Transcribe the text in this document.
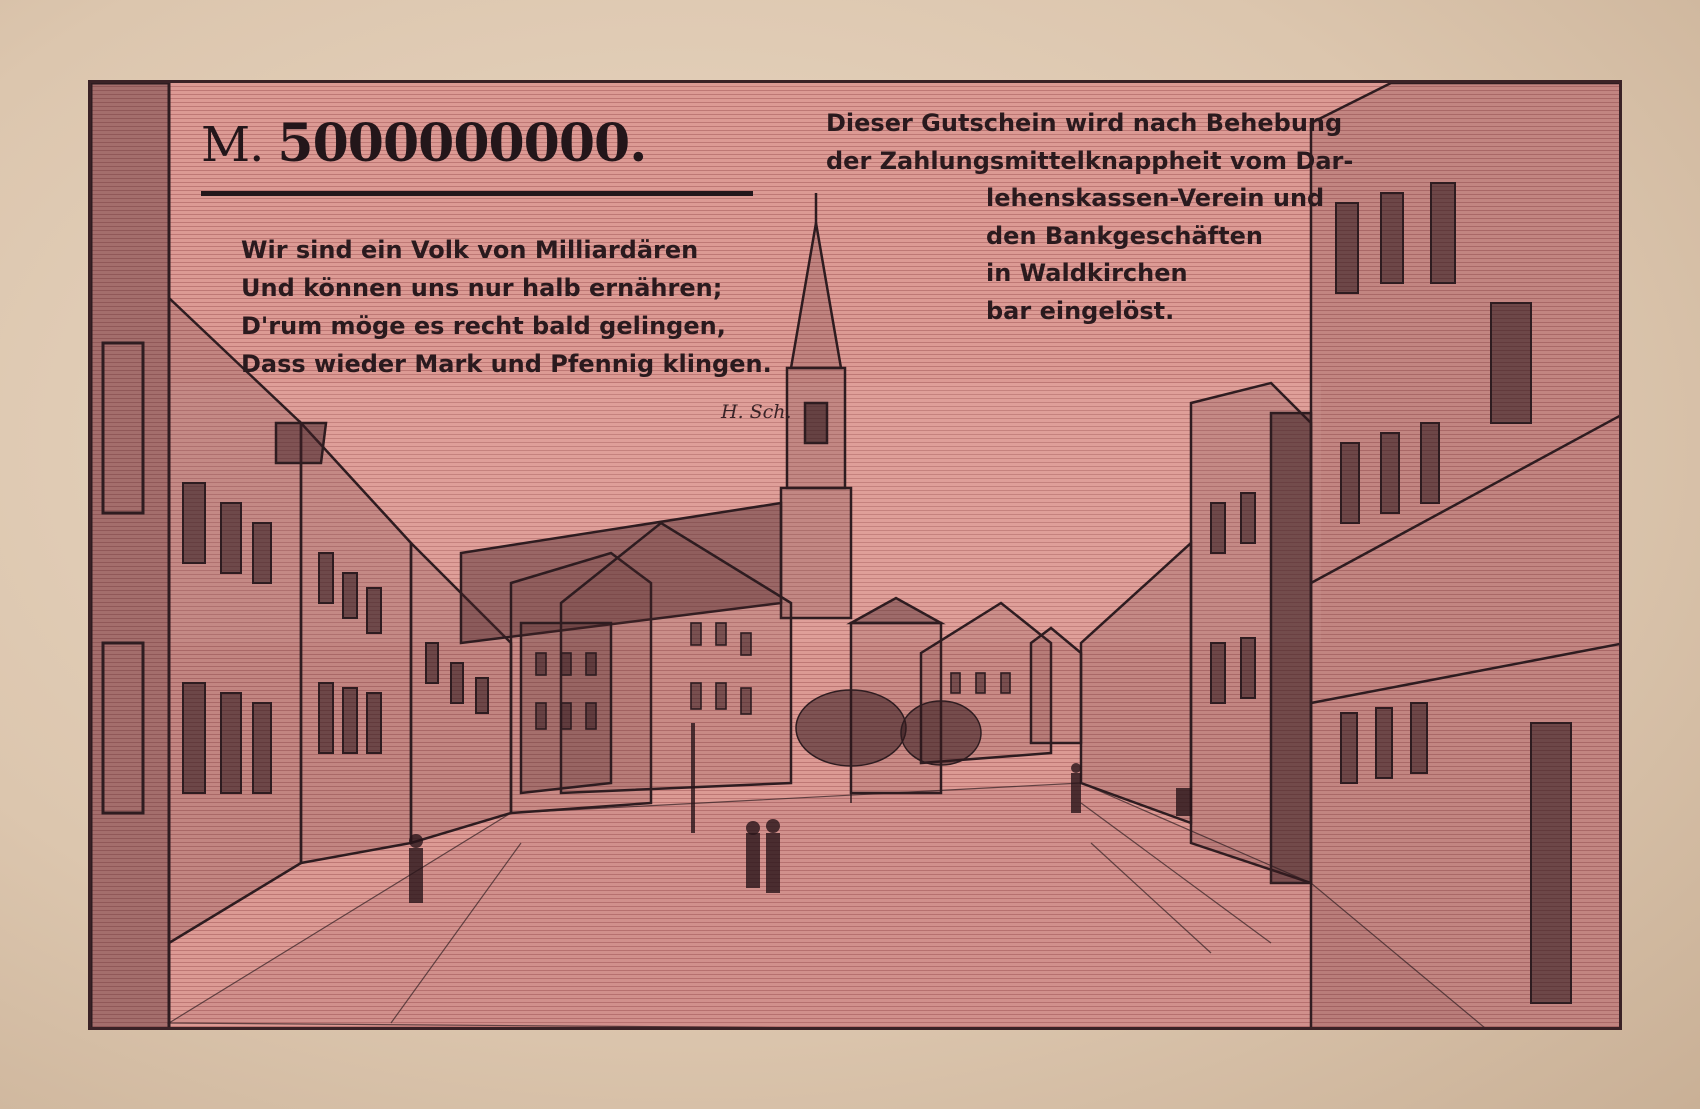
M. 5000000000.
Wir sind ein Volk von Milliardären
Und können uns nur halb ernähren;
D'rum möge es recht bald gelingen,
Dass wieder Mark und Pfennig klingen.
H. Sch.
Dieser Gutschein wird nach Behebung
der Zahlungsmittelknappheit vom Dar-
lehenskassen-Verein und
den Bankgeschäften
in Waldkirchen
bar eingelöst.
